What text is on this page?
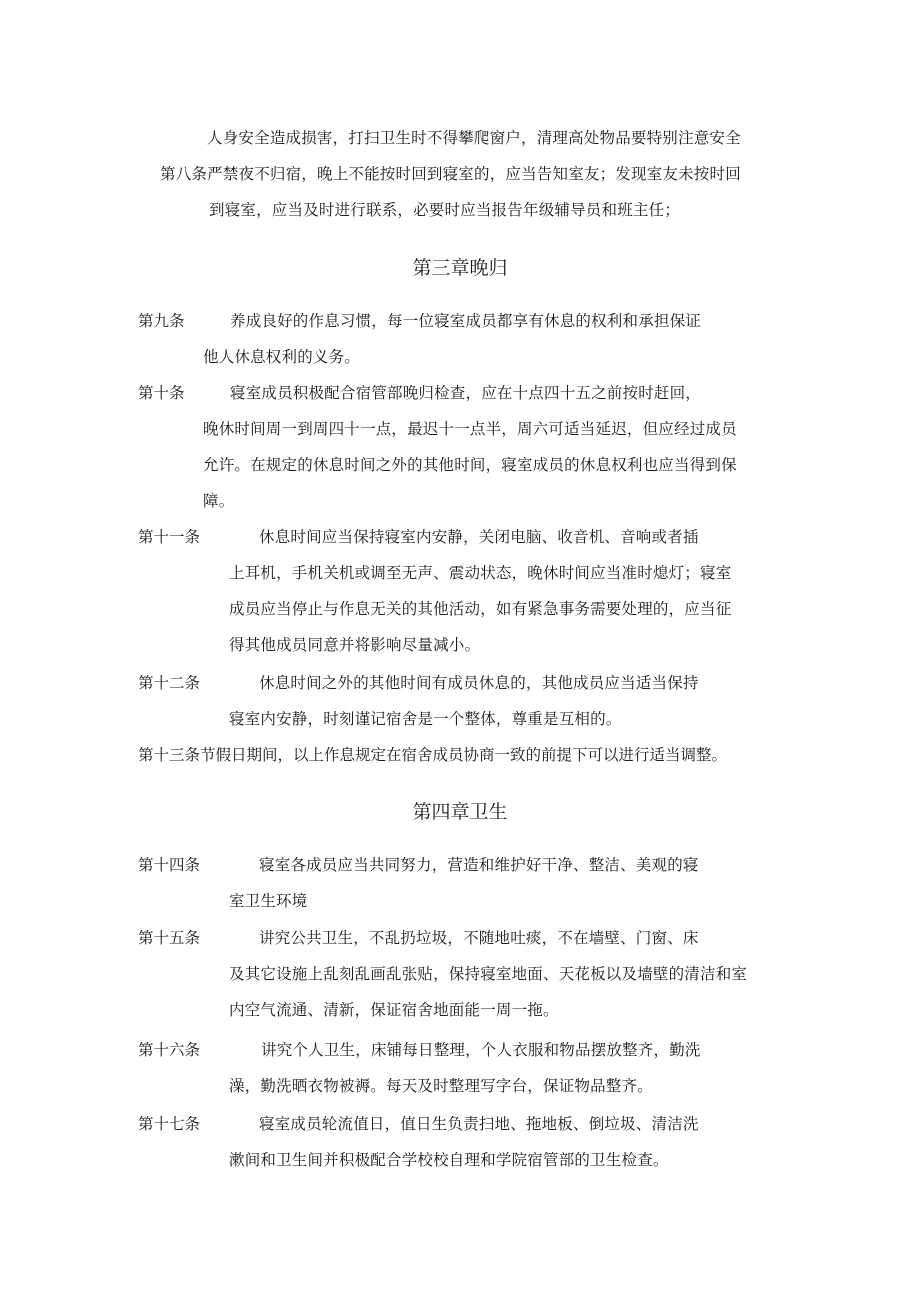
人身安全造成损害，打扫卫生时不得攀爬窗户，清理高处物品要特别注意安全
第八条严禁夜不归宿，晚上不能按时回到寝室的，应当告知室友；发现室友未按时回
到寝室，应当及时进行联系，必要时应当报告年级辅导员和班主任；
第三章晚归
第九条	养成良好的作息习惯，每一位寝室成员都享有休息的权利和承担保证
他人休息权利的义务。
第十条	寝室成员积极配合宿管部晚归检查，应在十点四十五之前按时赶回，
晚休时间周一到周四十一点，最迟十一点半，周六可适当延迟，但应经过成员
允许。在规定的休息时间之外的其他时间，寝室成员的休息权利也应当得到保
障。
第十一条	休息时间应当保持寝室内安静，关闭电脑、收音机、音响或者插
上耳机，手机关机或调至无声、震动状态，晚休时间应当准时熄灯；寝室
成员应当停止与作息无关的其他活动，如有紧急事务需要处理的，应当征
得其他成员同意并将影响尽量减小。
第十二条	休息时间之外的其他时间有成员休息的，其他成员应当适当保持
寝室内安静，时刻谨记宿舍是一个整体，尊重是互相的。
第十三条节假日期间，以上作息规定在宿舍成员协商一致的前提下可以进行适当调整。
第四章卫生
第十四条	寝室各成员应当共同努力，营造和维护好干净、整洁、美观的寝
室卫生环境
第十五条	讲究公共卫生，不乱扔垃圾，不随地吐痰，不在墙壁、门窗、床
及其它设施上乱刻乱画乱张贴，保持寝室地面、天花板以及墙壁的清洁和室
内空气流通、清新，保证宿舍地面能一周一拖。
第十六条	讲究个人卫生，床铺每日整理，个人衣服和物品摆放整齐，勤洗
澡，勤洗晒衣物被褥。每天及时整理写字台，保证物品整齐。
第十七条	寝室成员轮流值日，值日生负责扫地、拖地板、倒垃圾、清洁洗
漱间和卫生间并积极配合学校校自理和学院宿管部的卫生检查。
